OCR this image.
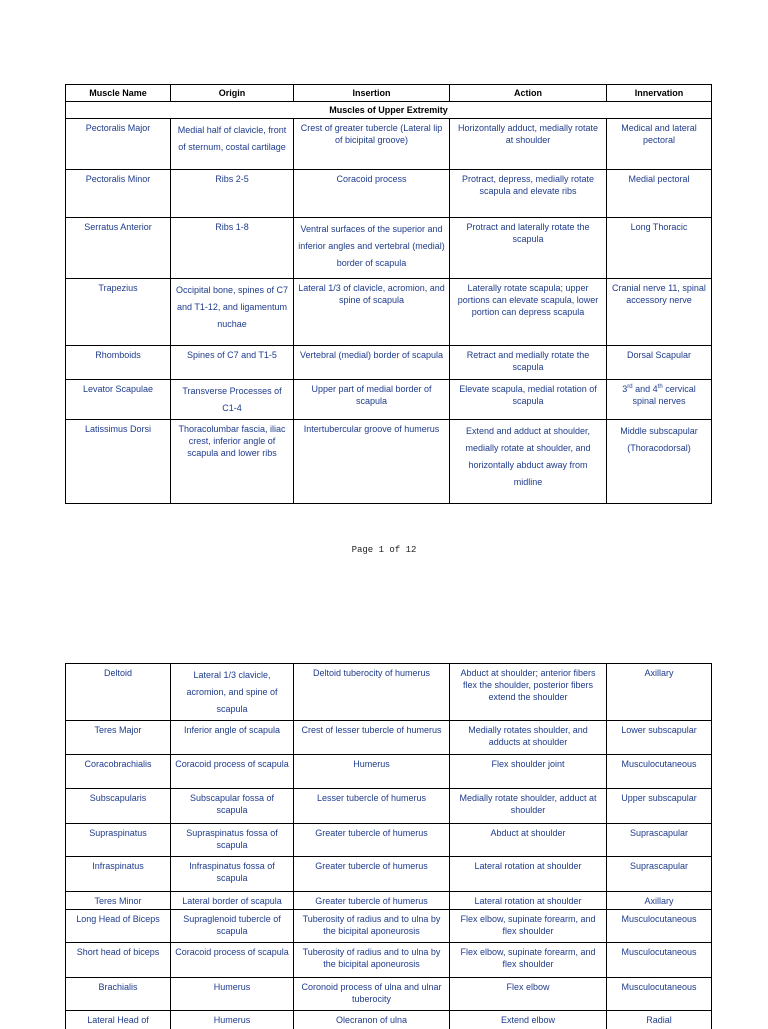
Muscle Name	Origin	Insertion	Action	Innervation
Muscles of Upper Extremity				
Pectoralis Major	Medial half of clavicle, front of sternum, costal cartilage	Crest of greater tubercle (Lateral lip of bicipital groove)	Horizontally adduct, medially rotate at shoulder	Medical and lateral pectoral
Pectoralis Minor	Ribs 2-5	Coracoid process	Protract, depress, medially rotate scapula and elevate ribs	Medial pectoral
Serratus Anterior	Ribs 1-8	Ventral surfaces of the superior and inferior angles and vertebral (medial) border of scapula	Protract and laterally rotate the scapula	Long Thoracic
Trapezius	Occipital bone, spines of C7 and T1-12, and ligamentum nuchae	Lateral 1/3 of clavicle, acromion, and spine of scapula	Laterally rotate scapula; upper portions can elevate scapula, lower portion can depress scapula	Cranial nerve 11, spinal accessory nerve
Rhomboids	Spines of C7 and T1-5	Vertebral (medial) border of scapula	Retract and medially rotate the scapula	Dorsal Scapular
Levator Scapulae	Transverse Processes of C1-4	Upper part of medial border of scapula	Elevate scapula, medial rotation of scapula	3rd and 4th cervical spinal nerves
Latissimus Dorsi	Thoracolumbar fascia, iliac crest, inferior angle of scapula and lower ribs	Intertubercular groove of humerus	Extend and adduct at shoulder, medially rotate at shoulder, and horizontally abduct away from midline	Middle subscapular (Thoracodorsal)
Page 1 of 12
Deltoid	Lateral 1/3 clavicle, acromion, and spine of scapula	Deltoid tuberocity of humerus	Abduct at shoulder; anterior fibers flex the shoulder, posterior fibers extend the shoulder	Axillary
Teres Major	Inferior angle of scapula	Crest of lesser tubercle of humerus	Medially rotates shoulder, and adducts at shoulder	Lower subscapular
Coracobrachialis	Coracoid process of scapula	Humerus	Flex shoulder joint	Musculocutaneous
Subscapularis	Subscapular fossa of scapula	Lesser tubercle of humerus	Medially rotate shoulder, adduct at shoulder	Upper subscapular
Supraspinatus	Supraspinatus fossa of scapula	Greater tubercle of humerus	Abduct at shoulder	Suprascapular
Infraspinatus	Infraspinatus fossa of scapula	Greater tubercle of humerus	Lateral rotation at shoulder	Suprascapular
Teres Minor	Lateral border of scapula	Greater tubercle of humerus	Lateral rotation at shoulder	Axillary
Long Head of Biceps	Supraglenoid tubercle of scapula	Tuberosity of radius and to ulna by the bicipital aponeurosis	Flex elbow, supinate forearm, and flex shoulder	Musculocutaneous
Short head of biceps	Coracoid process of scapula	Tuberosity of radius and to ulna by the bicipital aponeurosis	Flex elbow, supinate forearm, and flex shoulder	Musculocutaneous
Brachialis	Humerus	Coronoid process of ulna and ulnar tuberocity	Flex elbow	Musculocutaneous
Lateral Head of	Humerus	Olecranon of ulna	Extend elbow	Radial
